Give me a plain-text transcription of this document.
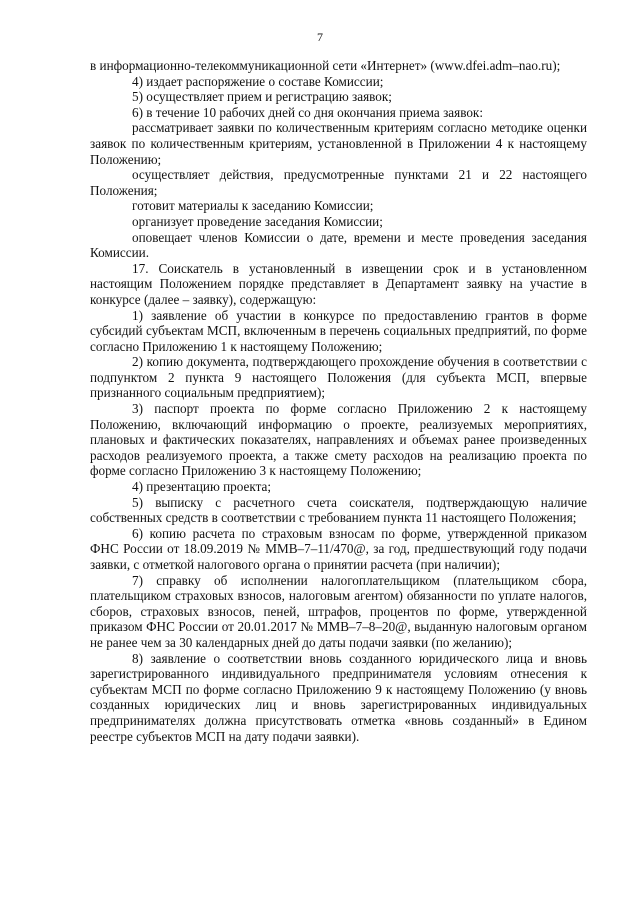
7

в информационно-телекоммуникационной сети «Интернет» (www.dfei.adm–nao.ru);

4) издает распоряжение о составе Комиссии;

5) осуществляет прием и регистрацию заявок;

6) в течение 10 рабочих дней со дня окончания приема заявок:

рассматривает заявки по количественным критериям согласно методике оценки заявок по количественным критериям, установленной в Приложении 4 к настоящему Положению;

осуществляет действия, предусмотренные пунктами 21 и 22 настоящего Положения;

готовит материалы к заседанию Комиссии;

организует проведение заседания Комиссии;

оповещает членов Комиссии о дате, времени и месте проведения заседания Комиссии.

17. Соискатель в установленный в извещении срок и в установленном настоящим Положением порядке представляет в Департамент заявку на участие в конкурсе (далее – заявку), содержащую:

1) заявление об участии в конкурсе по предоставлению грантов в форме субсидий субъектам МСП, включенным в перечень социальных предприятий, по форме согласно Приложению 1 к настоящему Положению;

2) копию документа, подтверждающего прохождение обучения в соответствии с подпунктом 2 пункта 9 настоящего Положения (для субъекта МСП, впервые признанного социальным предприятием);

3) паспорт проекта по форме согласно Приложению 2 к настоящему Положению, включающий информацию о проекте, реализуемых мероприятиях, плановых и фактических показателях, направлениях и объемах ранее произведенных расходов реализуемого проекта, а также смету расходов на реализацию проекта по форме согласно Приложению 3 к настоящему Положению;

4) презентацию проекта;

5) выписку с расчетного счета соискателя, подтверждающую наличие собственных средств в соответствии с требованием пункта 11 настоящего Положения;

6) копию расчета по страховым взносам по форме, утвержденной приказом ФНС России от 18.09.2019 № ММВ–7–11/470@, за год, предшествующий году подачи заявки, с отметкой налогового органа о принятии расчета (при наличии);

7) справку об исполнении налогоплательщиком (плательщиком сбора, плательщиком страховых взносов, налоговым агентом) обязанности по уплате налогов, сборов, страховых взносов, пеней, штрафов, процентов по форме, утвержденной приказом ФНС России от 20.01.2017 № ММВ–7–8–20@, выданную налоговым органом не ранее чем за 30 календарных дней до даты подачи заявки (по желанию);

8) заявление о соответствии вновь созданного юридического лица и вновь зарегистрированного индивидуального предпринимателя условиям отнесения к субъектам МСП по форме согласно Приложению 9 к настоящему Положению (у вновь созданных юридических лиц и вновь зарегистрированных индивидуальных предпринимателях должна присутствовать отметка «вновь созданный» в Едином реестре субъектов МСП на дату подачи заявки).
